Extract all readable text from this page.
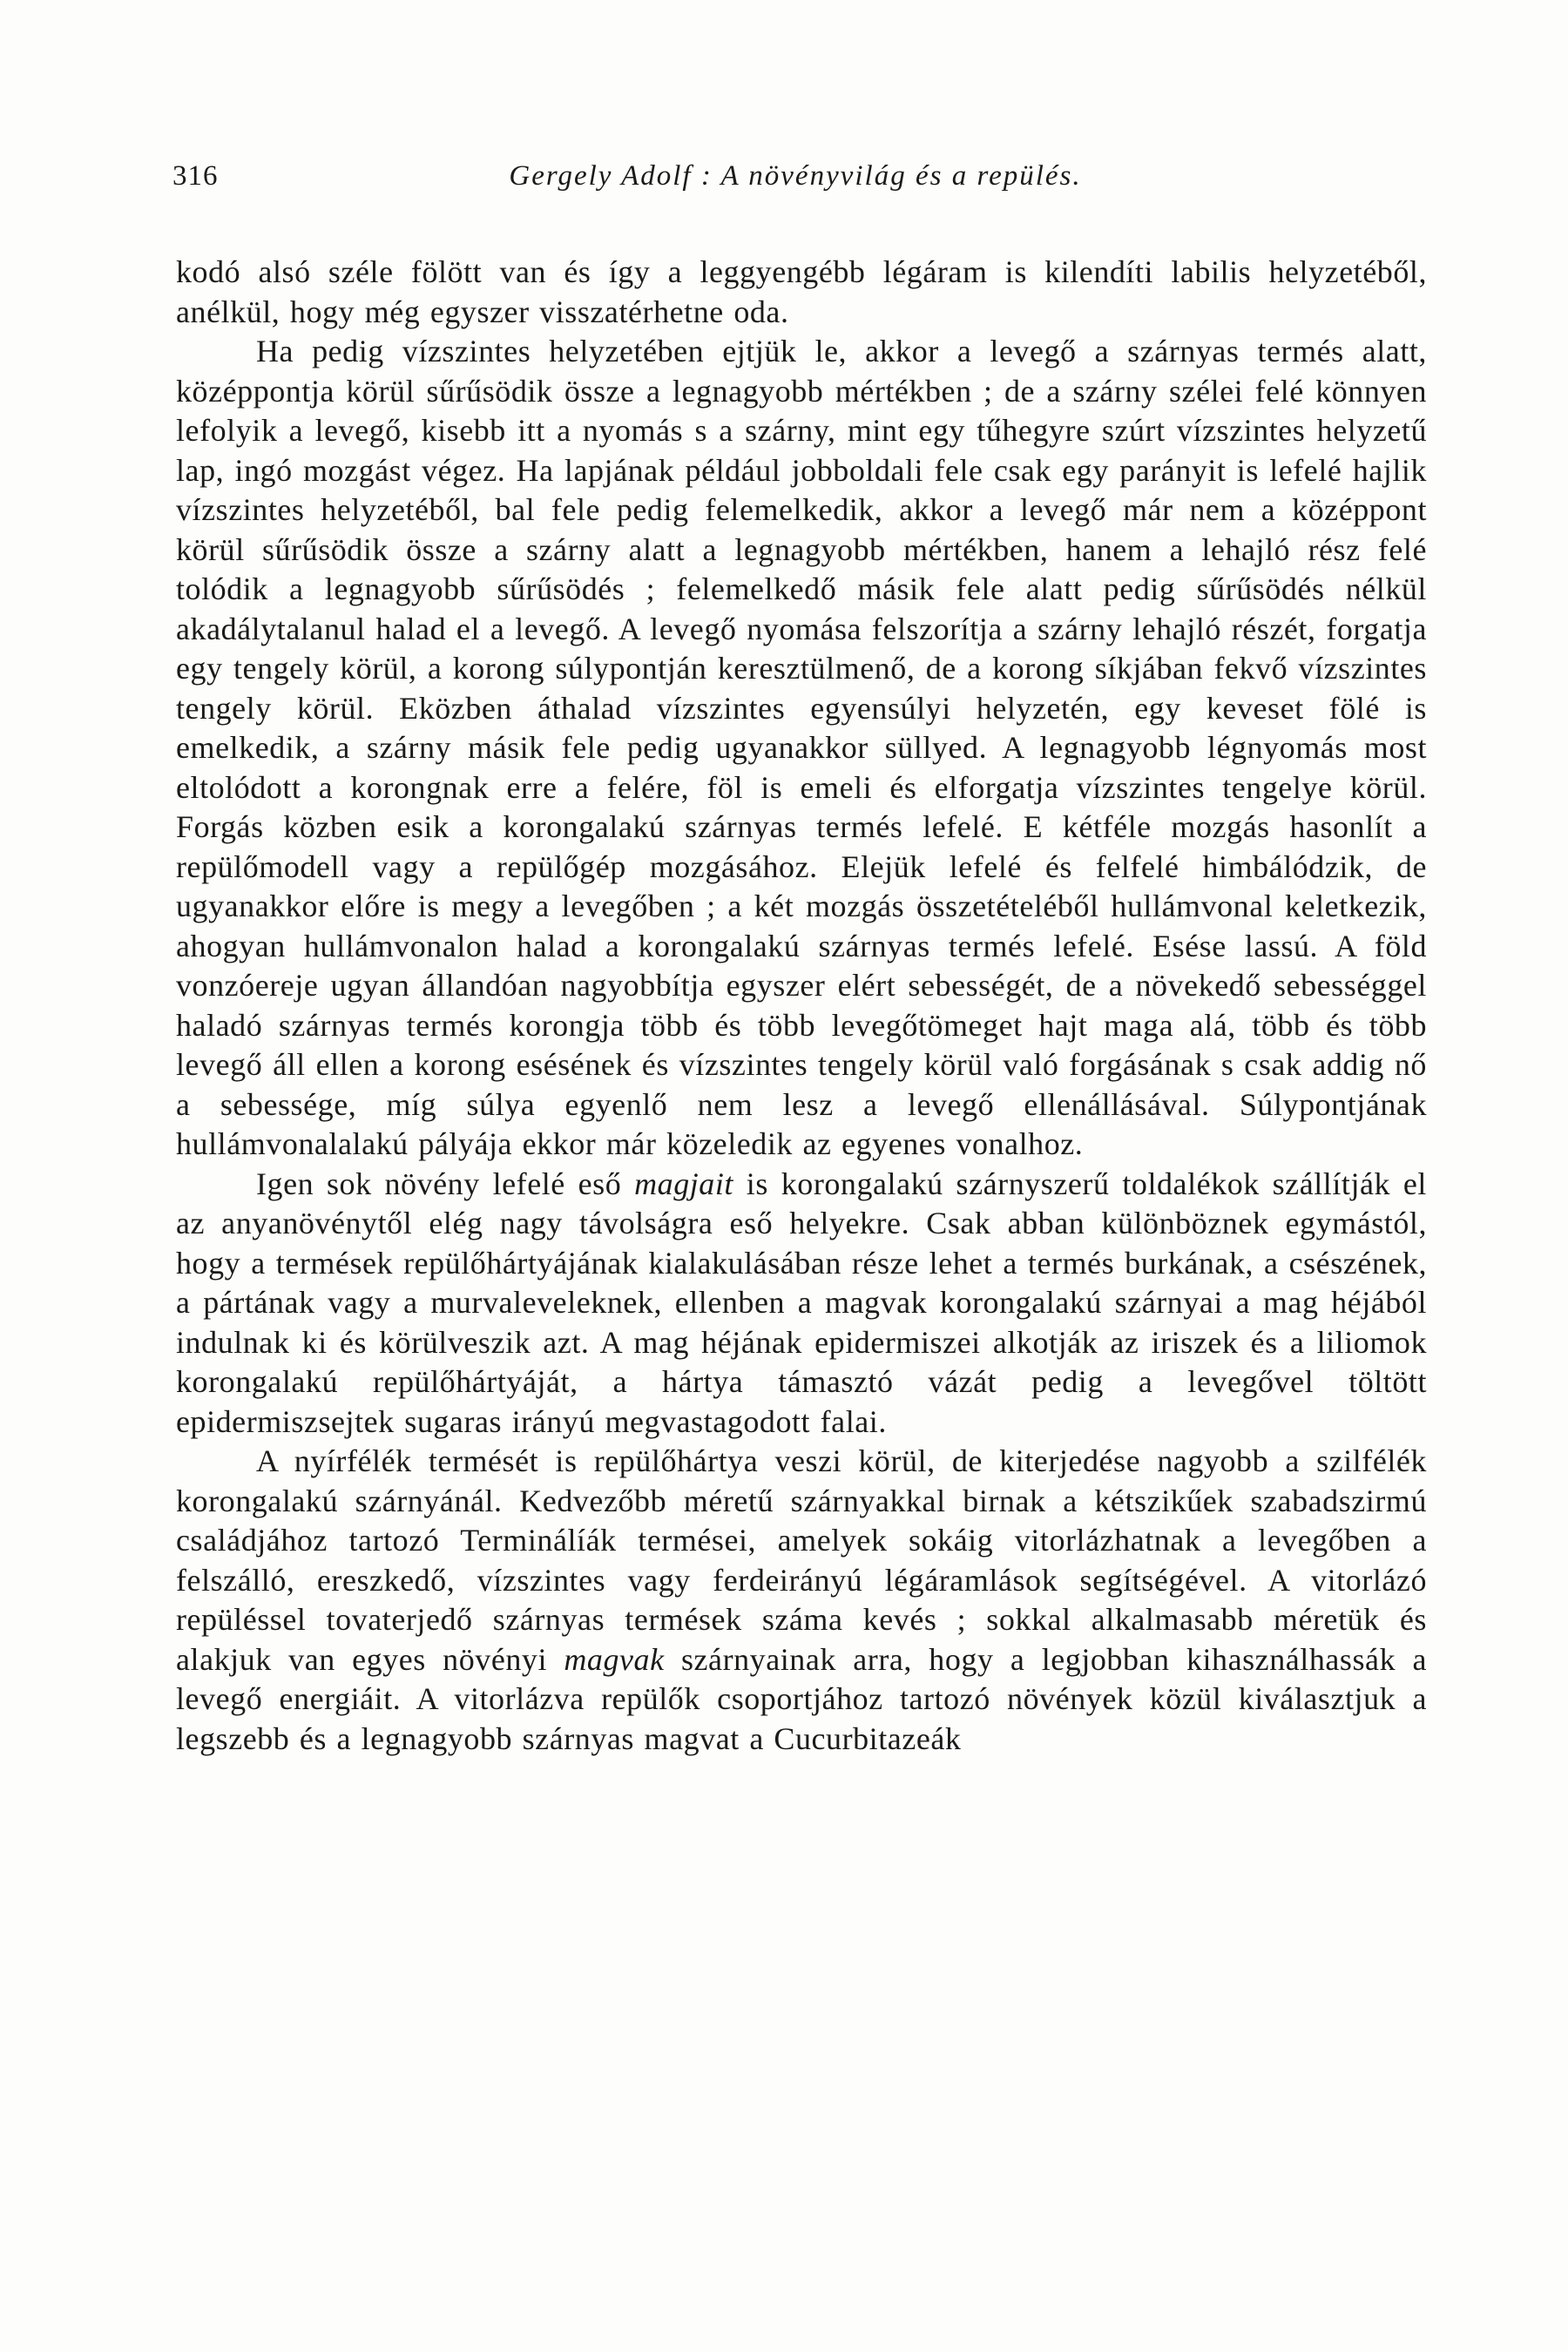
316	Gergely Adolf : A növényvilág és a repülés.

kodó alsó széle fölött van és így a leggyengébb légáram is kilendíti labilis helyzetéből, anélkül, hogy még egyszer visszatérhetne oda.

Ha pedig vízszintes helyzetében ejtjük le, akkor a levegő a szárnyas termés alatt, középpontja körül sűrűsödik össze a legnagyobb mértékben ; de a szárny szélei felé könnyen lefolyik a levegő, kisebb itt a nyomás s a szárny, mint egy tűhegyre szúrt vízszintes helyzetű lap, ingó mozgást végez. Ha lapjának például jobboldali fele csak egy parányit is lefelé hajlik vízszintes helyzetéből, bal fele pedig felemelkedik, akkor a levegő már nem a középpont körül sűrűsödik össze a szárny alatt a legnagyobb mértékben, hanem a lehajló rész felé tolódik a legnagyobb sűrűsödés ; felemelkedő másik fele alatt pedig sűrűsödés nélkül akadálytalanul halad el a levegő. A levegő nyomása felszorítja a szárny lehajló részét, forgatja egy tengely körül, a korong súlypontján keresztülmenő, de a korong síkjában fekvő vízszintes tengely körül. Eközben áthalad vízszintes egyensúlyi helyzetén, egy keveset fölé is emelkedik, a szárny másik fele pedig ugyanakkor süllyed. A legnagyobb légnyomás most eltolódott a korongnak erre a felére, föl is emeli és elforgatja vízszintes tengelye körül. Forgás közben esik a korongalakú szárnyas termés lefelé. E kétféle mozgás hasonlít a repülőmodell vagy a repülőgép mozgásához. Elejük lefelé és felfelé himbálódzik, de ugyanakkor előre is megy a levegőben ; a két mozgás összetételéből hullámvonal keletkezik, ahogyan hullámvonalon halad a korongalakú szárnyas termés lefelé. Esése lassú. A föld vonzóereje ugyan állandóan nagyobbítja egyszer elért sebességét, de a növekedő sebességgel haladó szárnyas termés korongja több és több levegőtömeget hajt maga alá, több és több levegő áll ellen a korong esésének és vízszintes tengely körül való forgásának s csak addig nő a sebessége, míg súlya egyenlő nem lesz a levegő ellenállásával. Súlypontjának hullámvonalalakú pályája ekkor már közeledik az egyenes vonalhoz.

Igen sok növény lefelé eső magjait is korongalakú szárnyszerű toldalékok szállítják el az anyanövénytől elég nagy távolságra eső helyekre. Csak abban különböznek egymástól, hogy a termések repülőhártyájának kialakulásában része lehet a termés burkának, a csészének, a pártának vagy a murvaleveleknek, ellenben a magvak korongalakú szárnyai a mag héjából indulnak ki és körülveszik azt. A mag héjának epidermiszei alkotják az iriszek és a liliomok korongalakú repülőhártyáját, a hártya támasztó vázát pedig a levegővel töltött epidermiszsejtek sugaras irányú megvastagodott falai.

A nyírfélék termését is repülőhártya veszi körül, de kiterjedése nagyobb a szilfélék korongalakú szárnyánál. Kedvezőbb méretű szárnyakkal birnak a kétszikűek szabadszirmú családjához tartozó Terminálíák termései, amelyek sokáig vitorlázhatnak a levegőben a felszálló, ereszkedő, vízszintes vagy ferdeirányú légáramlások segítségével. A vitorlázó repüléssel tovaterjedő szárnyas termések száma kevés ; sokkal alkalmasabb méretük és alakjuk van egyes növényi magvak szárnyainak arra, hogy a legjobban kihasználhassák a levegő energiáit. A vitorlázva repülők csoportjához tartozó növények közül kiválasztjuk a legszebb és a legnagyobb szárnyas magvat a Cucurbitazeák
